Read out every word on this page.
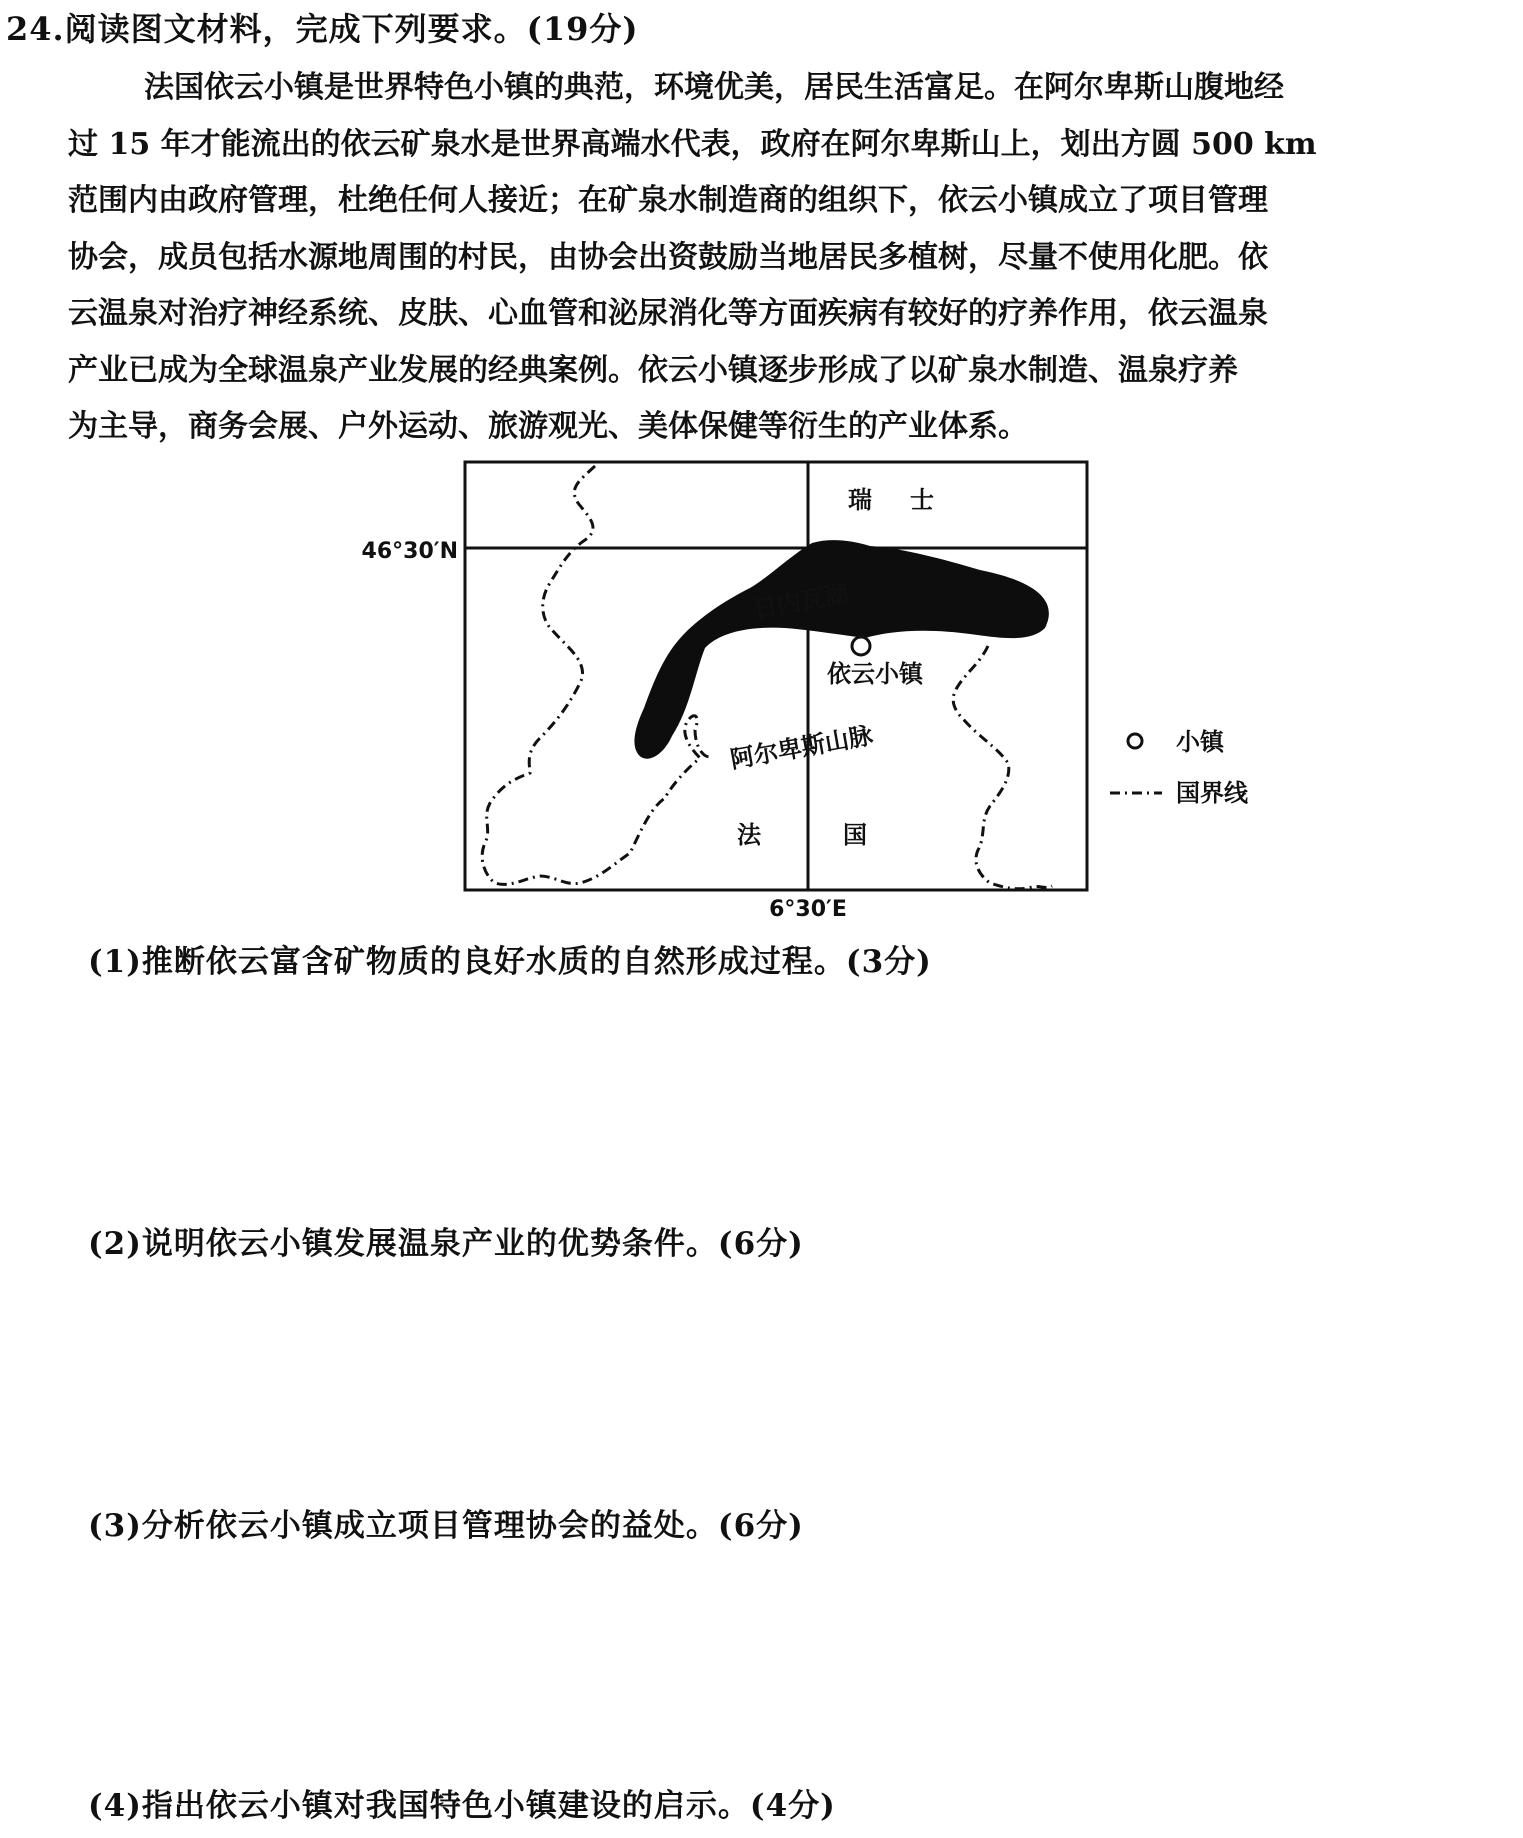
24.阅读图文材料，完成下列要求。(19分)
法国依云小镇是世界特色小镇的典范，环境优美，居民生活富足。在阿尔卑斯山腹地经
过 15 年才能流出的依云矿泉水是世界高端水代表，政府在阿尔卑斯山上，划出方圆 500 km
范围内由政府管理，杜绝任何人接近；在矿泉水制造商的组织下，依云小镇成立了项目管理
协会，成员包括水源地周围的村民，由协会出资鼓励当地居民多植树，尽量不使用化肥。依
云温泉对治疗神经系统、皮肤、心血管和泌尿消化等方面疾病有较好的疗养作用，依云温泉
产业已成为全球温泉产业发展的经典案例。依云小镇逐步形成了以矿泉水制造、温泉疗养
为主导，商务会展、户外运动、旅游观光、美体保健等衍生的产业体系。
日内瓦湖
46°30′N
6°30′E
瑞 士
依云小镇
阿尔卑斯山脉
法	国
小镇
国界线

(1)推断依云富含矿物质的良好水质的自然形成过程。(3分)

(2)说明依云小镇发展温泉产业的优势条件。(6分)

(3)分析依云小镇成立项目管理协会的益处。(6分)

(4)指出依云小镇对我国特色小镇建设的启示。(4分)
